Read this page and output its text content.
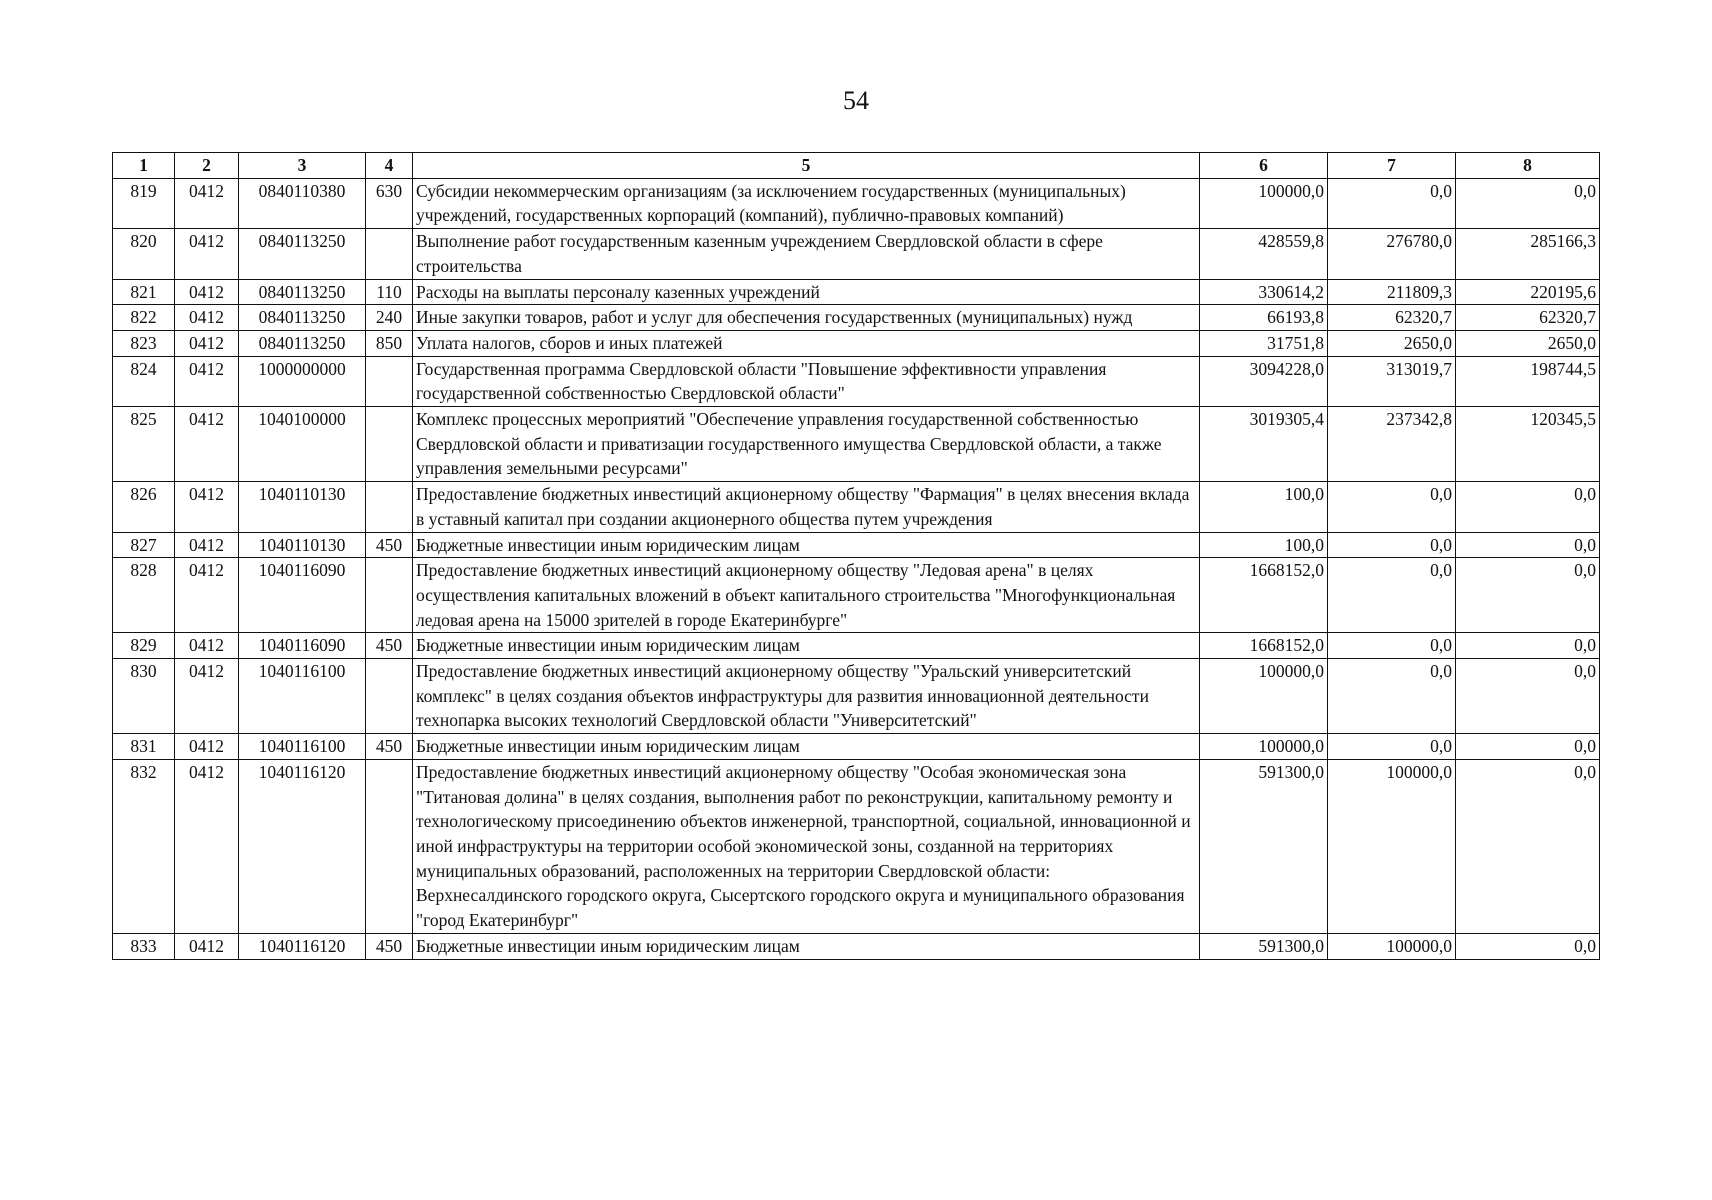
54
1	2	3	4	5	6	7	8
819	0412	0840110380	630	Субсидии некоммерческим организациям (за исключением государственных (муниципальных) учреждений, государственных корпораций (компаний), публично-правовых компаний)	100000,0	0,0	0,0
820	0412	0840113250		Выполнение работ государственным казенным учреждением Свердловской области в сфере строительства	428559,8	276780,0	285166,3
821	0412	0840113250	110	Расходы на выплаты персоналу казенных учреждений	330614,2	211809,3	220195,6
822	0412	0840113250	240	Иные закупки товаров, работ и услуг для обеспечения государственных (муниципальных) нужд	66193,8	62320,7	62320,7
823	0412	0840113250	850	Уплата налогов, сборов и иных платежей	31751,8	2650,0	2650,0
824	0412	1000000000		Государственная программа Свердловской области "Повышение эффективности управления государственной собственностью Свердловской области"	3094228,0	313019,7	198744,5
825	0412	1040100000		Комплекс процессных мероприятий "Обеспечение управления государственной собственностью Свердловской области и приватизации государственного имущества Свердловской области, а также управления земельными ресурсами"	3019305,4	237342,8	120345,5
826	0412	1040110130		Предоставление бюджетных инвестиций акционерному обществу "Фармация" в целях внесения вклада в уставный капитал при создании акционерного общества путем учреждения	100,0	0,0	0,0
827	0412	1040110130	450	Бюджетные инвестиции иным юридическим лицам	100,0	0,0	0,0
828	0412	1040116090		Предоставление бюджетных инвестиций акционерному обществу "Ледовая арена" в целях осуществления капитальных вложений в объект капитального строительства "Многофункциональная ледовая арена на 15000 зрителей в городе Екатеринбурге"	1668152,0	0,0	0,0
829	0412	1040116090	450	Бюджетные инвестиции иным юридическим лицам	1668152,0	0,0	0,0
830	0412	1040116100		Предоставление бюджетных инвестиций акционерному обществу "Уральский университетский комплекс" в целях создания объектов инфраструктуры для развития инновационной деятельности технопарка высоких технологий Свердловской области "Университетский"	100000,0	0,0	0,0
831	0412	1040116100	450	Бюджетные инвестиции иным юридическим лицам	100000,0	0,0	0,0
832	0412	1040116120		Предоставление бюджетных инвестиций акционерному обществу "Особая экономическая зона "Титановая долина" в целях создания, выполнения работ по реконструкции, капитальному ремонту и технологическому присоединению объектов инженерной, транспортной, социальной, инновационной и иной инфраструктуры на территории особой экономической зоны, созданной на территориях муниципальных образований, расположенных на территории Свердловской области: Верхнесалдинского городского округа, Сысертского городского округа и муниципального образования "город Екатеринбург"	591300,0	100000,0	0,0
833	0412	1040116120	450	Бюджетные инвестиции иным юридическим лицам	591300,0	100000,0	0,0
